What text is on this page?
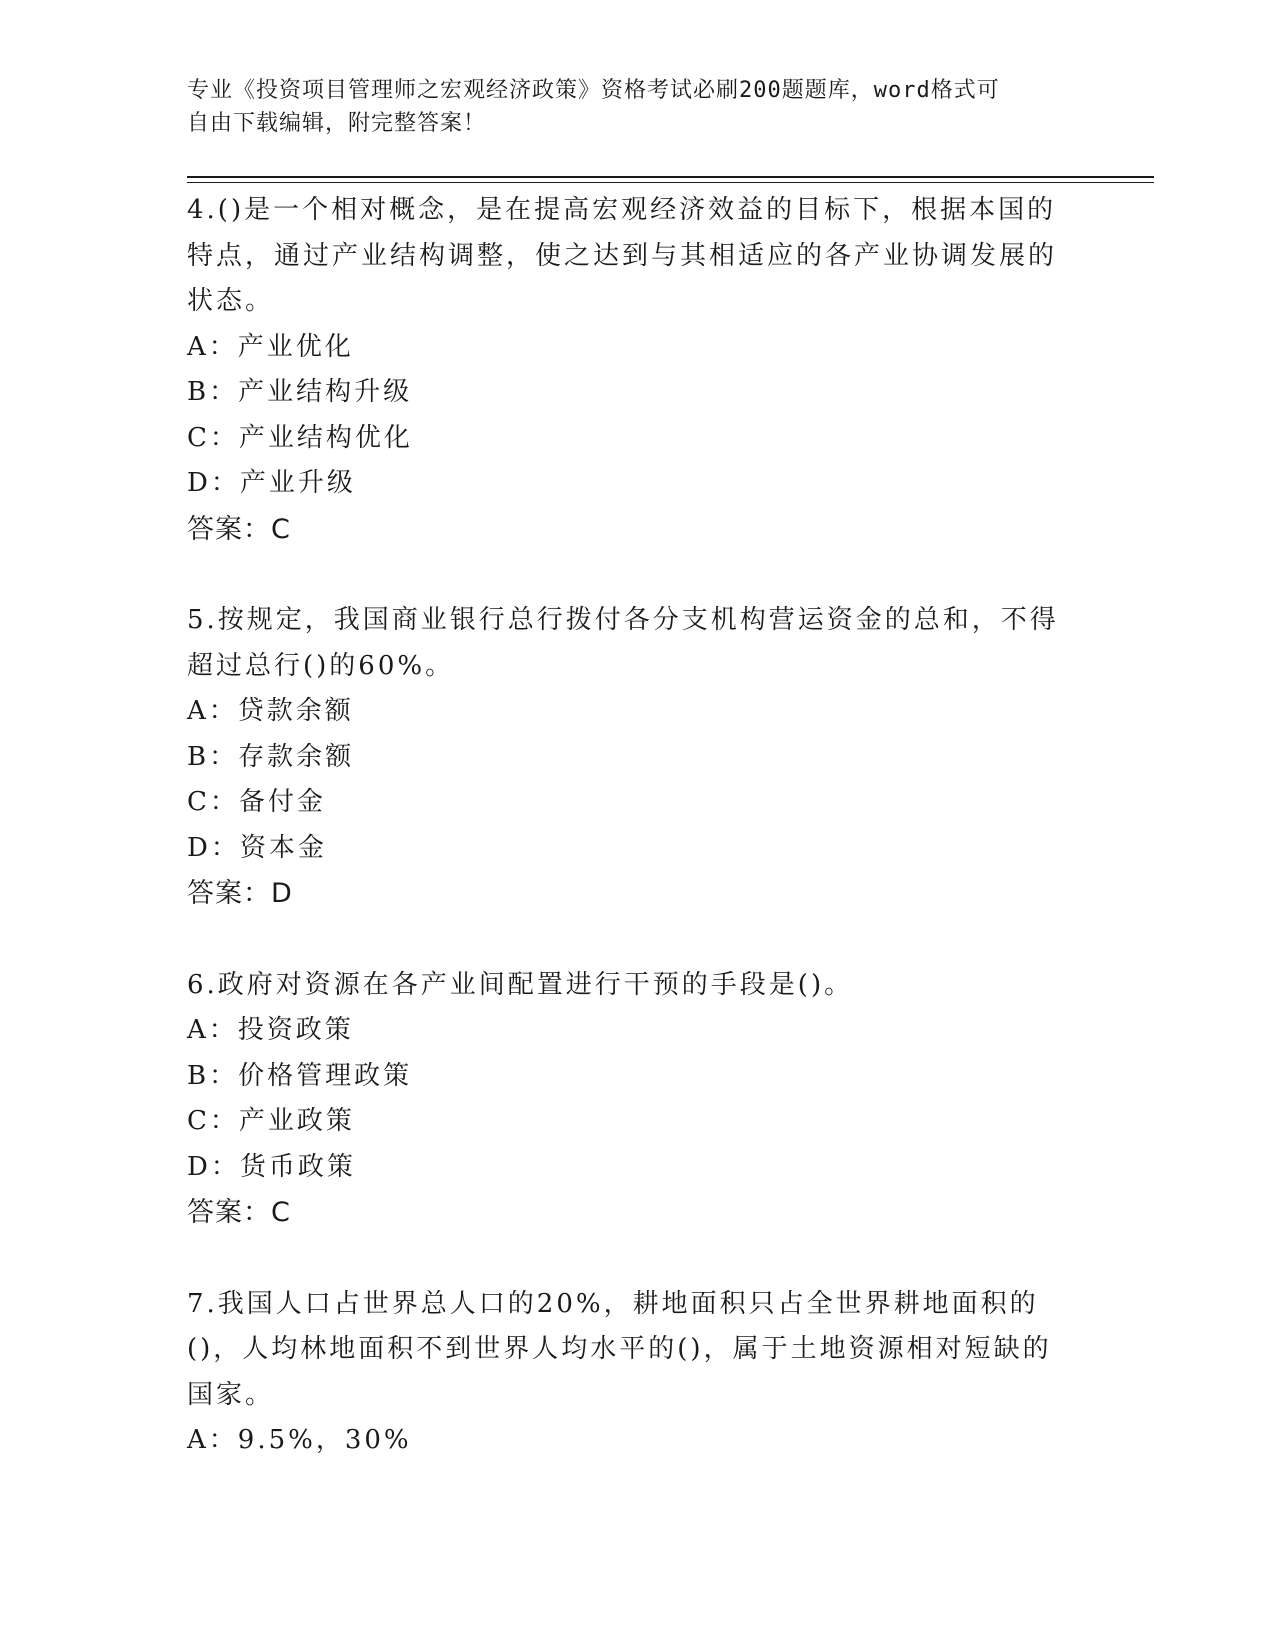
专业《投资项目管理师之宏观经济政策》资格考试必刷200题题库，word格式可
自由下载编辑，附完整答案！
4.()是一个相对概念，是在提高宏观经济效益的目标下，根据本国的特点，通过产业结构调整，使之达到与其相适应的各产业协调发展的状态。
A：产业优化
B：产业结构升级
C：产业结构优化
D：产业升级
答案：C
5.按规定，我国商业银行总行拨付各分支机构营运资金的总和，不得超过总行()的60%。
A：贷款余额
B：存款余额
C：备付金
D：资本金
答案：D
6.政府对资源在各产业间配置进行干预的手段是()。
A：投资政策
B：价格管理政策
C：产业政策
D：货币政策
答案：C
7.我国人口占世界总人口的20%，耕地面积只占全世界耕地面积的()，人均林地面积不到世界人均水平的()，属于土地资源相对短缺的国家。
A：9.5%，30%
